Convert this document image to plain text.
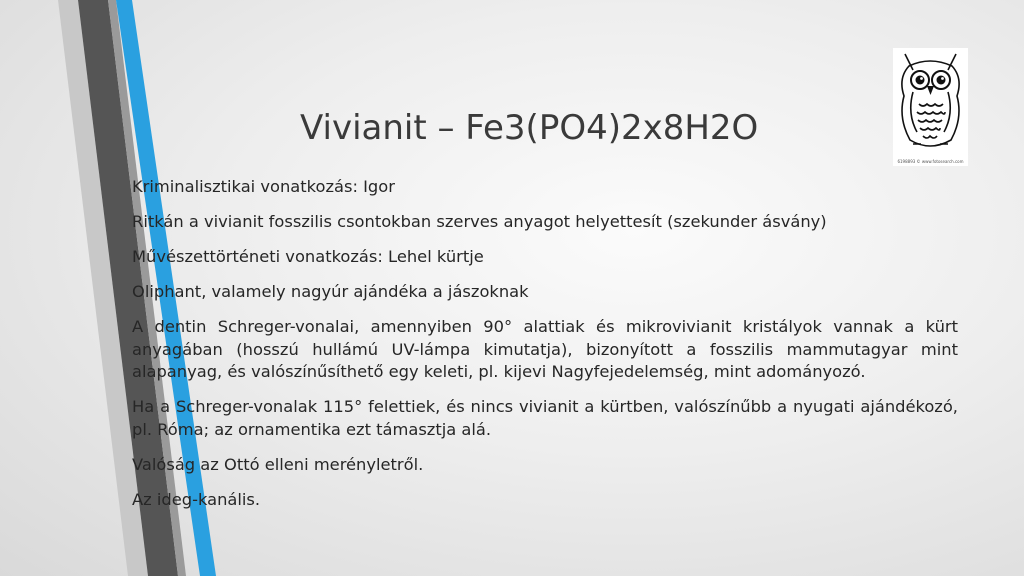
Vivianit – Fe3(PO4)2x8H2O
6198893 © www.fotosearch.com

Kriminalisztikai vonatkozás: Igor

Ritkán a vivianit fosszilis csontokban szerves anyagot helyettesít (szekunder ásvány)

Művészettörténeti vonatkozás: Lehel kürtje

Oliphant, valamely nagyúr ajándéka a jászoknak

A dentin Schreger-vonalai, amennyiben 90° alattiak és mikrovivianit kristályok vannak a kürt anyagában (hosszú hullámú UV-lámpa kimutatja), bizonyított a fosszilis mammutagyar mint alapanyag, és valószínűsíthető egy keleti, pl. kijevi Nagyfejedelemség, mint adományozó.

Ha a Schreger-vonalak 115° felettiek, és nincs vivianit a kürtben, valószínűbb a nyugati ajándékozó, pl. Róma; az ornamentika ezt támasztja alá.

Valóság az Ottó elleni merényletről.

Az ideg-kanális.
